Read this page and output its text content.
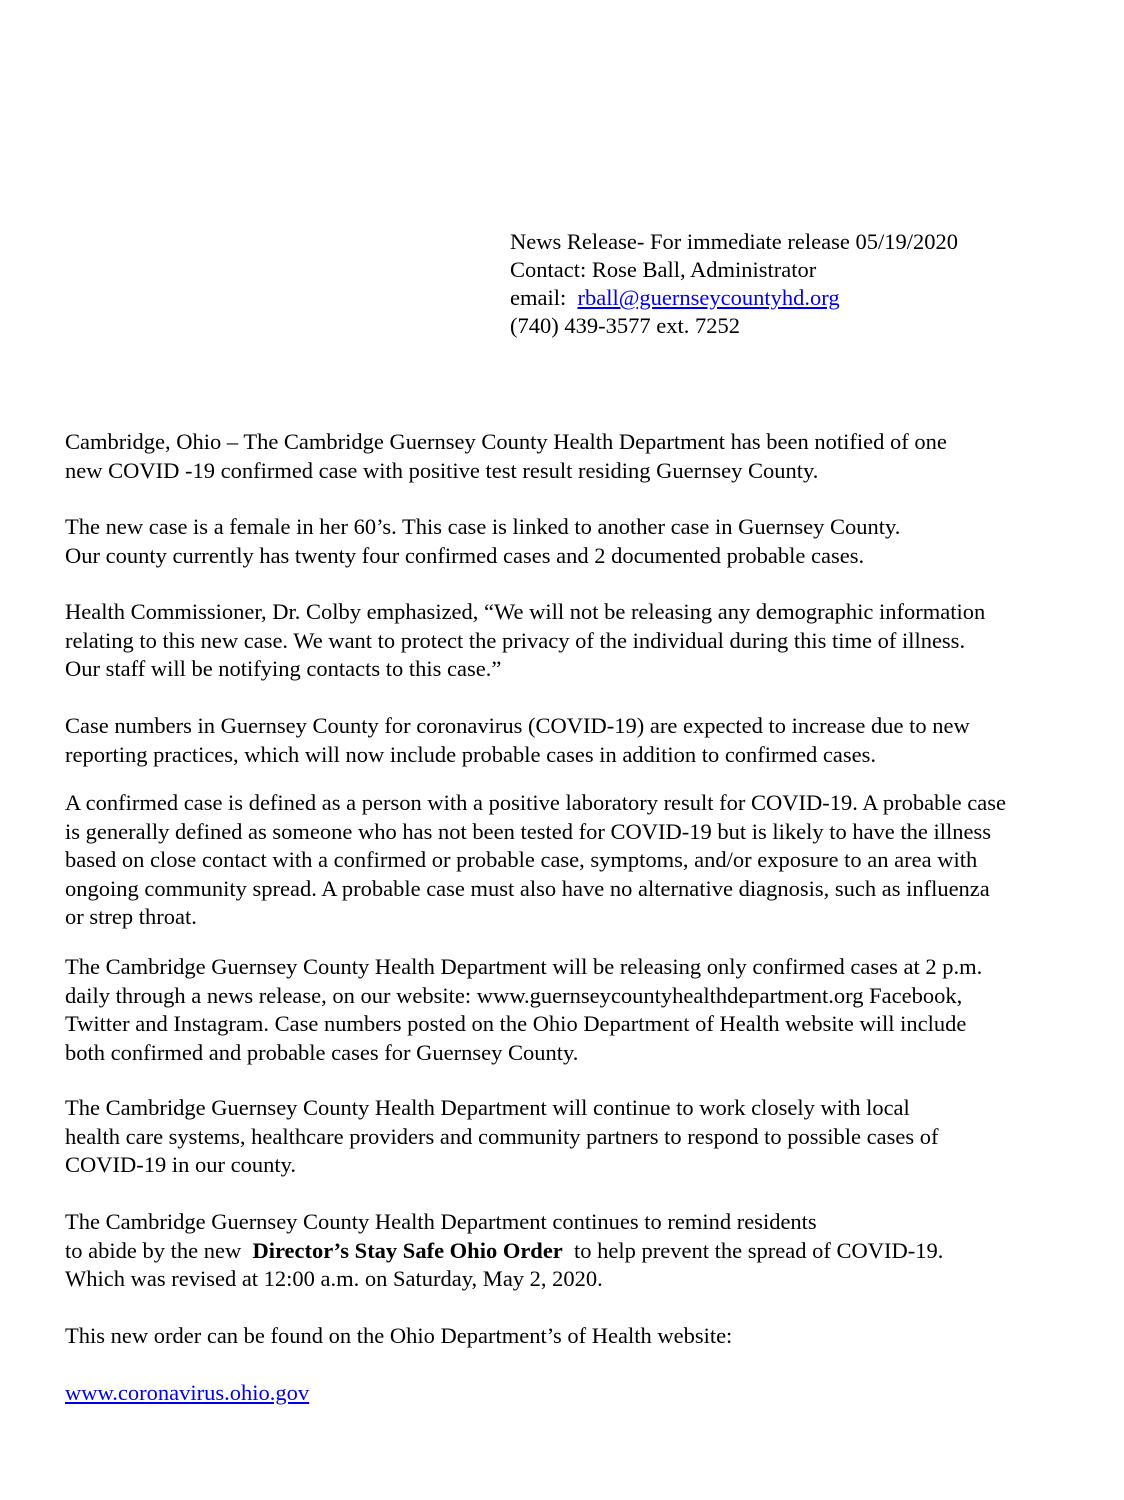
News Release- For immediate release 05/19/2020
Contact: Rose Ball, Administrator
email:  rball@guernseycountyhd.org
(740) 439-3577 ext. 7252
Cambridge, Ohio – The Cambridge Guernsey County Health Department has been notified of one
new COVID -19 confirmed case with positive test result residing Guernsey County.
The new case is a female in her 60’s. This case is linked to another case in Guernsey County.
Our county currently has twenty four confirmed cases and 2 documented probable cases.
Health Commissioner, Dr. Colby emphasized, “We will not be releasing any demographic information
relating to this new case. We want to protect the privacy of the individual during this time of illness.
Our staff will be notifying contacts to this case.”
Case numbers in Guernsey County for coronavirus (COVID-19) are expected to increase due to new
reporting practices, which will now include probable cases in addition to confirmed cases.
A confirmed case is defined as a person with a positive laboratory result for COVID-19. A probable case
is generally defined as someone who has not been tested for COVID-19 but is likely to have the illness
based on close contact with a confirmed or probable case, symptoms, and/or exposure to an area with
ongoing community spread. A probable case must also have no alternative diagnosis, such as influenza
or strep throat.
The Cambridge Guernsey County Health Department will be releasing only confirmed cases at 2 p.m.
daily through a news release, on our website: www.guernseycountyhealthdepartment.org Facebook,
Twitter and Instagram. Case numbers posted on the Ohio Department of Health website will include
both confirmed and probable cases for Guernsey County.
The Cambridge Guernsey County Health Department will continue to work closely with local
health care systems, healthcare providers and community partners to respond to possible cases of
COVID-19 in our county.
The Cambridge Guernsey County Health Department continues to remind residents
to abide by the new  Director’s Stay Safe Ohio Order  to help prevent the spread of COVID-19.
Which was revised at 12:00 a.m. on Saturday, May 2, 2020.
This new order can be found on the Ohio Department’s of Health website:
www.coronavirus.ohio.gov
